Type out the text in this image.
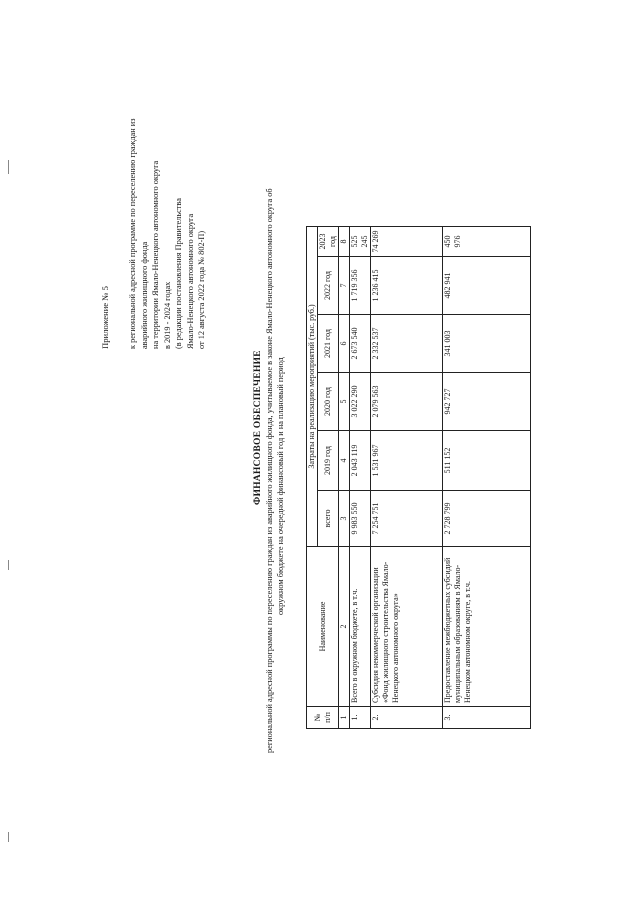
Приложение № 5 к региональной адресной программе по переселению граждан из аварийного жилищного фонда на территории Ямало-Ненецкого автономного округа в 2019 - 2024 годах (в редакции постановления Правительства Ямало-Ненецкого автономного округа от 12 августа 2022 года № 802-П)
ФИНАНСОВОЕ ОБЕСПЕЧЕНИЕ региональной адресной программы по переселению граждан из аварийного жилищного фонда, учитываемое в законе Ямало-Ненецкого автономного округа об окружном бюджете на очередной финансовый год и на плановый период
№ п/п	Наименование	Затраты на реализацию мероприятий (тыс. руб.)					
		всего	2019 год	2020 год	2021 год	2022 год	2023 год
1	2	3	4	5	6	7	8
1.	Всего в окружном бюджете, в т.ч.	9 983 550	2 043 119	3 022 290	2 673 540	1 719 356	525 245
2.	Субсидия некоммерческой организации «Фонд жилищного строительства Ямало-Ненецкого автономного округа»	7 254 751	1 531 967	2 079 563	2 332 537	1 236 415	74 269
3.	Предоставление межбюджетных субсидий муниципальным образованиям в Ямало-Ненецком автономном округе, в т.ч.	2 728 799	511 152	942 727	341 003	482 941	450 976
